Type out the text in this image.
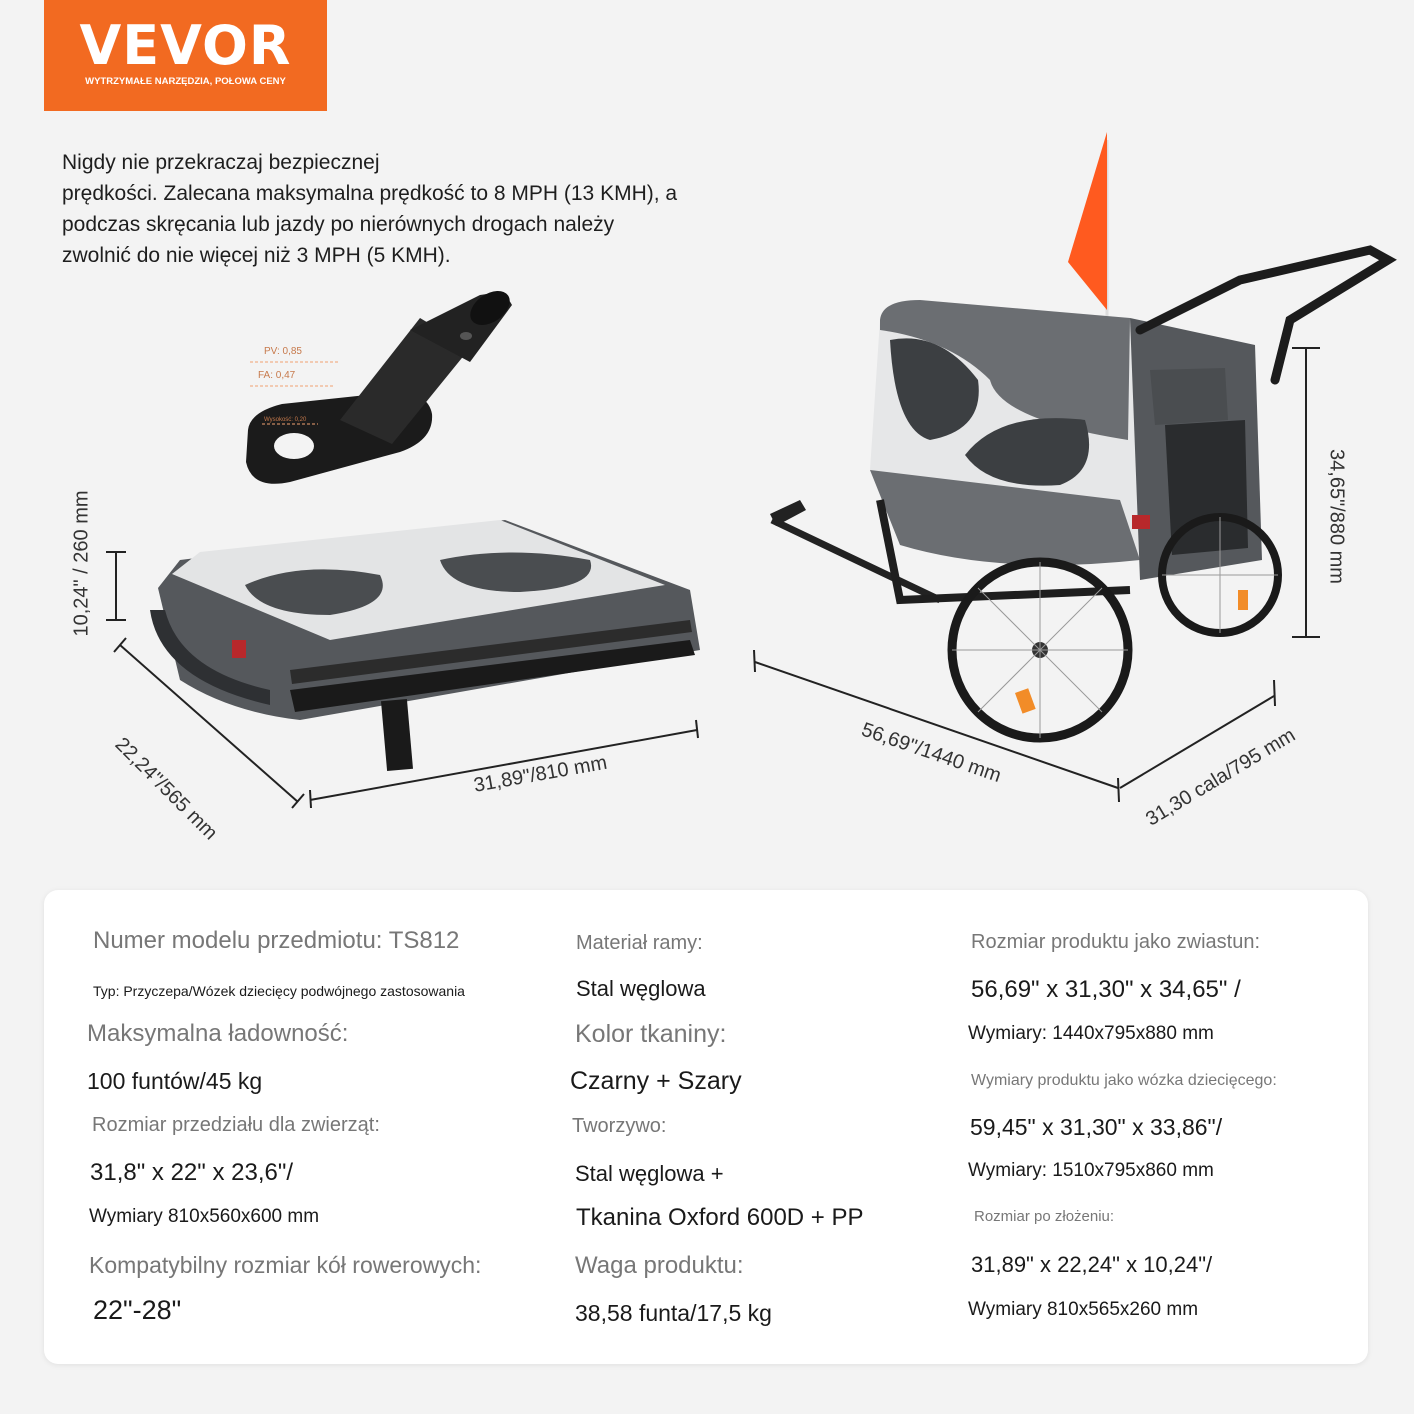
VEVOR
WYTRZYMAŁE NARZĘDZIA, POŁOWA CENY
Nigdy nie przekraczaj bezpiecznej
prędkości. Zalecana maksymalna prędkość to 8 MPH (13 KMH), a
podczas skręcania lub jazdy po nierównych drogach należy
zwolnić do nie więcej niż 3 MPH (5 KMH).
PV: 0,85
FA: 0,47
Wysokość: 0,20
10,24" / 260 mm
22,24"/565 mm	31,89"/810 mm
34,65"/880 mm
56,69"/1440 mm	31,30 cala/795 mm
Numer modelu przedmiotu: TS812
Typ: Przyczepa/Wózek dziecięcy podwójnego zastosowania
Maksymalna ładowność:
100 funtów/45 kg
Rozmiar przedziału dla zwierząt:
31,8" x 22" x 23,6"/
Wymiary 810x560x600 mm
Kompatybilny rozmiar kół rowerowych:
22"-28"
Materiał ramy:
Stal węglowa
Kolor tkaniny:
Czarny + Szary
Tworzywo:
Stal węglowa +
Tkanina Oxford 600D + PP
Waga produktu:
38,58 funta/17,5 kg
Rozmiar produktu jako zwiastun:
56,69" x 31,30" x 34,65" /
Wymiary: 1440x795x880 mm
Wymiary produktu jako wózka dziecięcego:
59,45" x 31,30" x 33,86"/
Wymiary: 1510x795x860 mm
Rozmiar po złożeniu:
31,89" x 22,24" x 10,24"/
Wymiary 810x565x260 mm
